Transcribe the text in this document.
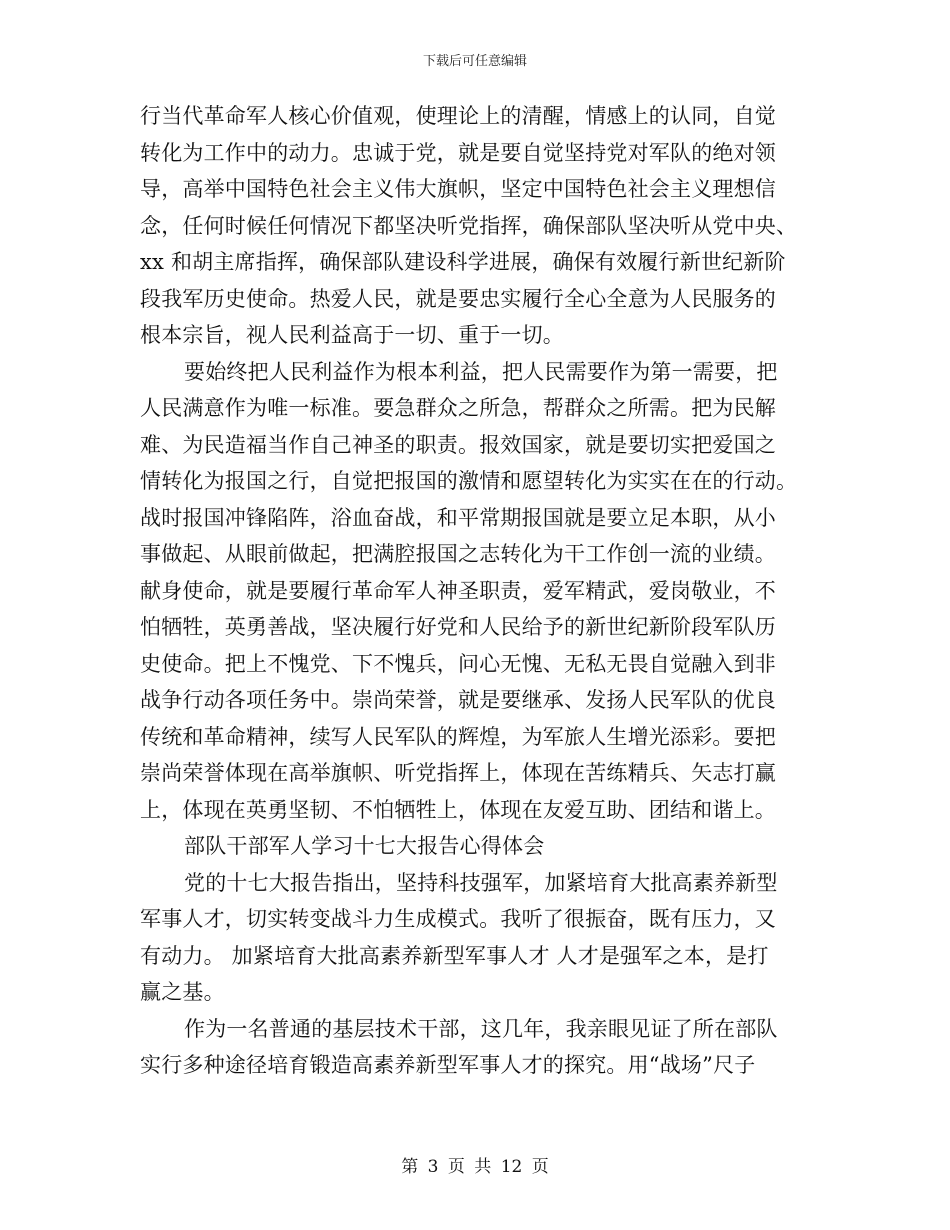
下载后可任意编辑
行当代革命军人核心价值观，使理论上的清醒，情感上的认同，自觉
转化为工作中的动力。忠诚于党，就是要自觉坚持党对军队的绝对领
导，高举中国特色社会主义伟大旗帜，坚定中国特色社会主义理想信
念，任何时候任何情况下都坚决听党指挥，确保部队坚决听从党中央、
xx 和胡主席指挥，确保部队建设科学进展，确保有效履行新世纪新阶
段我军历史使命。热爱人民，就是要忠实履行全心全意为人民服务的
根本宗旨，视人民利益高于一切、重于一切。
要始终把人民利益作为根本利益，把人民需要作为第一需要，把
人民满意作为唯一标准。要急群众之所急，帮群众之所需。把为民解
难、为民造福当作自己神圣的职责。报效国家，就是要切实把爱国之
情转化为报国之行，自觉把报国的激情和愿望转化为实实在在的行动。
战时报国冲锋陷阵，浴血奋战，和平常期报国就是要立足本职，从小
事做起、从眼前做起，把满腔报国之志转化为干工作创一流的业绩。
献身使命，就是要履行革命军人神圣职责，爱军精武，爱岗敬业，不
怕牺牲，英勇善战，坚决履行好党和人民给予的新世纪新阶段军队历
史使命。把上不愧党、下不愧兵，问心无愧、无私无畏自觉融入到非
战争行动各项任务中。崇尚荣誉，就是要继承、发扬人民军队的优良
传统和革命精神，续写人民军队的辉煌，为军旅人生增光添彩。要把
崇尚荣誉体现在高举旗帜、听党指挥上，体现在苦练精兵、矢志打赢
上，体现在英勇坚韧、不怕牺牲上，体现在友爱互助、团结和谐上。
部队干部军人学习十七大报告心得体会
党的十七大报告指出，坚持科技强军，加紧培育大批高素养新型
军事人才，切实转变战斗力生成模式。我听了很振奋，既有压力，又
有动力。 加紧培育大批高素养新型军事人才 人才是强军之本，是打
赢之基。
作为一名普通的基层技术干部，这几年，我亲眼见证了所在部队
实行多种途径培育锻造高素养新型军事人才的探究。用“战场”尺子
第 3 页 共 12 页
